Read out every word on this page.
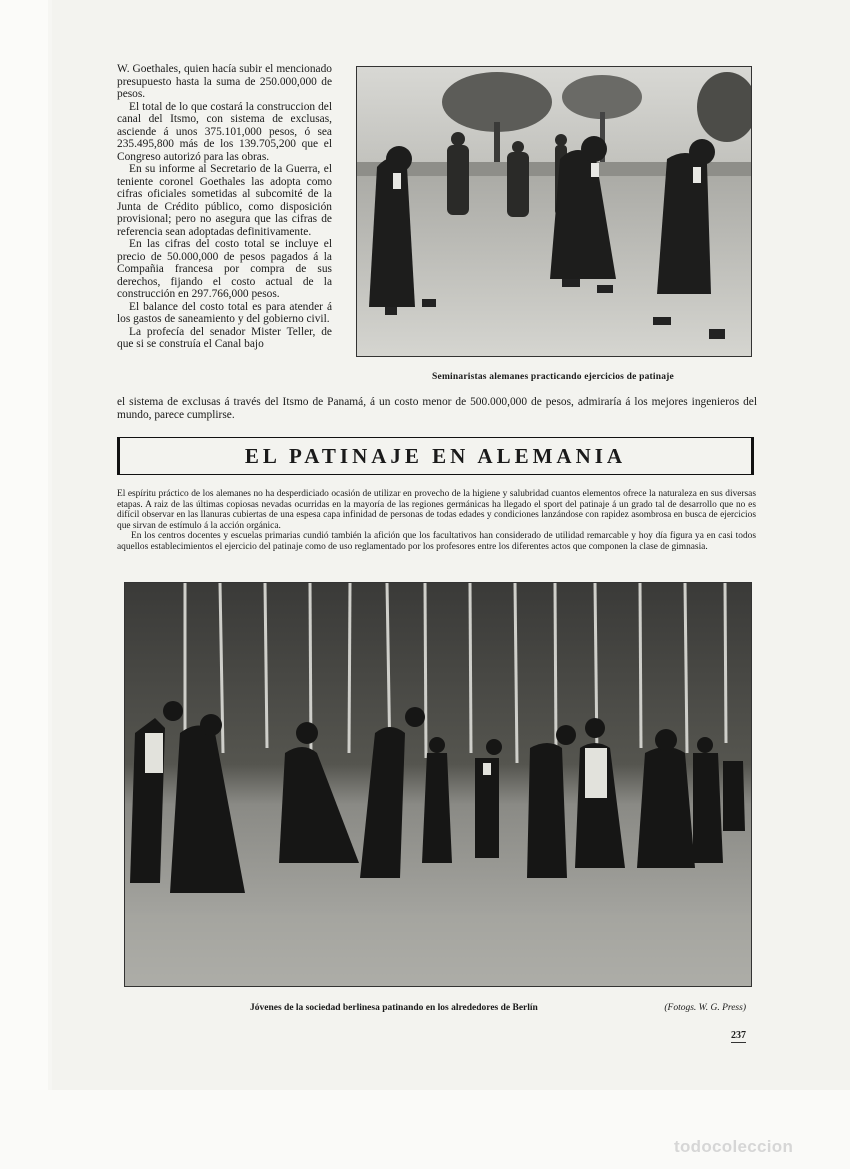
W. Goethales, quien hacía subir el mencionado presupuesto hasta la suma de 250.000,000 de pesos.

El total de lo que costará la construccion del canal del Itsmo, con sistema de exclusas, asciende á unos 375.101,000 pesos, ó sea 235.495,800 más de los 139.705,200 que el Congreso autorizó para las obras.

En su informe al Secretario de la Guerra, el teniente coronel Goethales las adopta como cifras oficiales sometidas al subcomité de la Junta de Crédito público, como disposición provisional; pero no asegura que las cifras de referencia sean adoptadas definitivamente.

En las cifras del costo total se incluye el precio de 50.000,000 de pesos pagados á la Compañia francesa por compra de sus derechos, fijando el costo actual de la construcción en 297.766,000 pesos.

El balance del costo total es para atender á los gastos de saneamiento y del gobierno civil.

La profecía del senador Mister Teller, de que si se construía el Canal bajo

Seminaristas alemanes practicando ejercicios de patinaje
el sistema de exclusas á través del Itsmo de Panamá, á un costo menor de 500.000,000 de pesos, admiraría á los mejores ingenieros del mundo, parece cumplirse.
EL PATINAJE EN ALEMANIA

El espíritu práctico de los alemanes no ha desperdiciado ocasión de utilizar en provecho de la higiene y salubridad cuantos elementos ofrece la naturaleza en sus diversas etapas. A raiz de las últimas copiosas nevadas ocurridas en la mayoría de las regiones germánicas ha llegado el sport del patinaje á un grado tal de desarrollo que no es difícil observar en las llanuras cubiertas de una espesa capa infinidad de personas de todas edades y condiciones lanzándose con rapidez asombrosa en busca de ejercicios que sirvan de estímulo á la acción orgánica.

En los centros docentes y escuelas primarias cundió también la afición que los facultativos han considerado de utilidad remarcable y hoy día figura ya en casi todos aquellos establecimientos el ejercicio del patinaje como de uso reglamentado por los profesores entre los diferentes actos que componen la clase de gimnasia.

Jóvenes de la sociedad berlinesa patinando en los alrededores de Berlín	(Fotogs. W. G. Press)
237
todocoleccion
